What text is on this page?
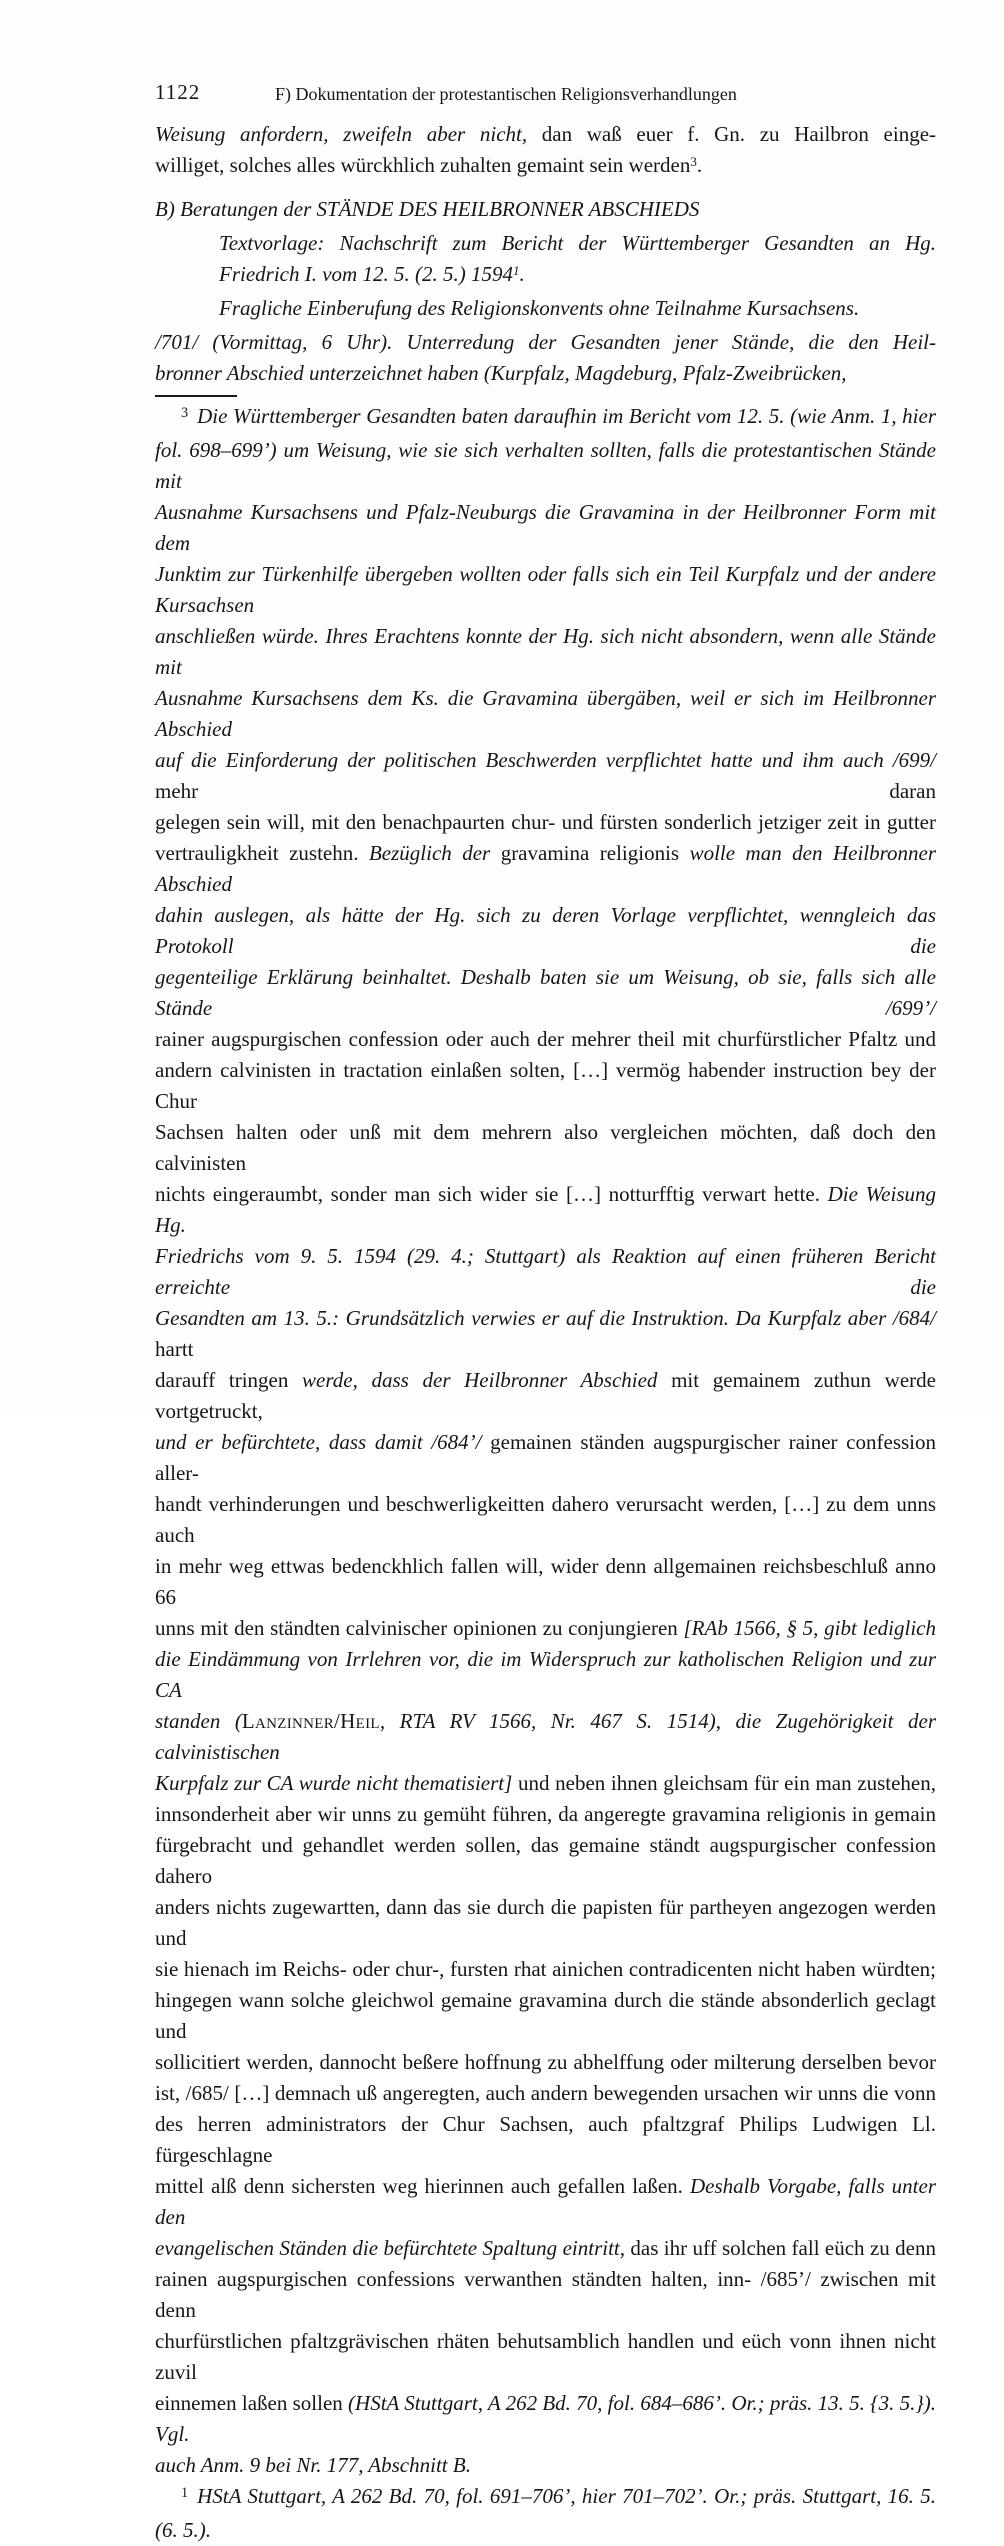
1122	F) Dokumentation der protestantischen Religionsverhandlungen
Weisung anfordern, zweifeln aber nicht, dan waß euer f. Gn. zu Hailbron einge-
williget, solches alles würckhlich zuhalten gemaint sein werden$^3$.
B) Beratungen der STÄNDE DES HEILBRONNER ABSCHIEDS
Textvorlage: Nachschrift zum Bericht der Württemberger Gesandten an Hg.
Friedrich I. vom 12. 5. (2. 5.) 1594$^1$.
Fragliche Einberufung des Religionskonvents ohne Teilnahme Kursachsens.
/701/ (Vormittag, 6 Uhr). Unterredung der Gesandten jener Stände, die den Heil-
bronner Abschied unterzeichnet haben (Kurpfalz, Magdeburg, Pfalz-Zweibrücken,
$^3$ Die Württemberger Gesandten baten daraufhin im Bericht vom 12. 5. (wie Anm. 1, hier
fol. 698–699’) um Weisung, wie sie sich verhalten sollten, falls die protestantischen Stände mit
Ausnahme Kursachsens und Pfalz-Neuburgs die Gravamina in der Heilbronner Form mit dem
Junktim zur Türkenhilfe übergeben wollten oder falls sich ein Teil Kurpfalz und der andere Kursachsen
anschließen würde. Ihres Erachtens konnte der Hg. sich nicht absondern, wenn alle Stände mit
Ausnahme Kursachsens dem Ks. die Gravamina übergäben, weil er sich im Heilbronner Abschied
auf die Einforderung der politischen Beschwerden verpflichtet hatte und ihm auch /699/ mehr daran
gelegen sein will, mit den benachpaurten chur- und fürsten sonderlich jetziger zeit in gutter
vertrauligkheit zustehn. Bezüglich der gravamina religionis wolle man den Heilbronner Abschied
dahin auslegen, als hätte der Hg. sich zu deren Vorlage verpflichtet, wenngleich das Protokoll die
gegenteilige Erklärung beinhaltet. Deshalb baten sie um Weisung, ob sie, falls sich alle Stände /699’/
rainer augspurgischen confession oder auch der mehrer theil mit churfürstlicher Pfaltz und
andern calvinisten in tractation einlaßen solten, […] vermög habender instruction bey der Chur
Sachsen halten oder unß mit dem mehrern also vergleichen möchten, daß doch den calvinisten
nichts eingeraumbt, sonder man sich wider sie […] notturfftig verwart hette. Die Weisung Hg.
Friedrichs vom 9. 5. 1594 (29. 4.; Stuttgart) als Reaktion auf einen früheren Bericht erreichte die
Gesandten am 13. 5.: Grundsätzlich verwies er auf die Instruktion. Da Kurpfalz aber /684/ hartt
darauff tringen werde, dass der Heilbronner Abschied mit gemainem zuthun werde vortgetruckt,
und er befürchtete, dass damit /684’/ gemainen ständen augspurgischer rainer confession aller-
handt verhinderungen und beschwerligkeitten dahero verursacht werden, […] zu dem unns auch
in mehr weg ettwas bedenckhlich fallen will, wider denn allgemainen reichsbeschluß anno 66
unns mit den ständten calvinischer opinionen zu conjungieren [RAb 1566, § 5, gibt lediglich
die Eindämmung von Irrlehren vor, die im Widerspruch zur katholischen Religion und zur CA
standen (Lanzinner/Heil, RTA RV 1566, Nr. 467 S. 1514), die Zugehörigkeit der calvinistischen
Kurpfalz zur CA wurde nicht thematisiert] und neben ihnen gleichsam für ein man zustehen,
innsonderheit aber wir unns zu gemüht führen, da angeregte gravamina religionis in gemain
fürgebracht und gehandlet werden sollen, das gemaine ständt augspurgischer confession dahero
anders nichts zugewartten, dann das sie durch die papisten für partheyen angezogen werden und
sie hienach im Reichs- oder chur-, fursten rhat ainichen contradicenten nicht haben würdten;
hingegen wann solche gleichwol gemaine gravamina durch die stände absonderlich geclagt und
sollicitiert werden, dannocht beßere hoffnung zu abhelffung oder milterung derselben bevor
ist, /685/ […] demnach uß angeregten, auch andern bewegenden ursachen wir unns die vonn
des herren administrators der Chur Sachsen, auch pfaltzgraf Philips Ludwigen Ll. fürgeschlagne
mittel alß denn sichersten weg hierinnen auch gefallen laßen. Deshalb Vorgabe, falls unter den
evangelischen Ständen die befürchtete Spaltung eintritt, das ihr uff solchen fall eüch zu denn
rainen augspurgischen confessions verwanthen ständten halten, inn- /685’/ zwischen mit denn
churfürstlichen pfaltzgrävischen rhäten behutsamblich handlen und eüch vonn ihnen nicht zuvil
einnemen laßen sollen (HStA Stuttgart, A 262 Bd. 70, fol. 684–686’. Or.; präs. 13. 5. {3. 5.}). Vgl.
auch Anm. 9 bei Nr. 177, Abschnitt B.
$^1$ HStA Stuttgart, A 262 Bd. 70, fol. 691–706’, hier 701–702’. Or.; präs. Stuttgart, 16. 5. (6. 5.).
